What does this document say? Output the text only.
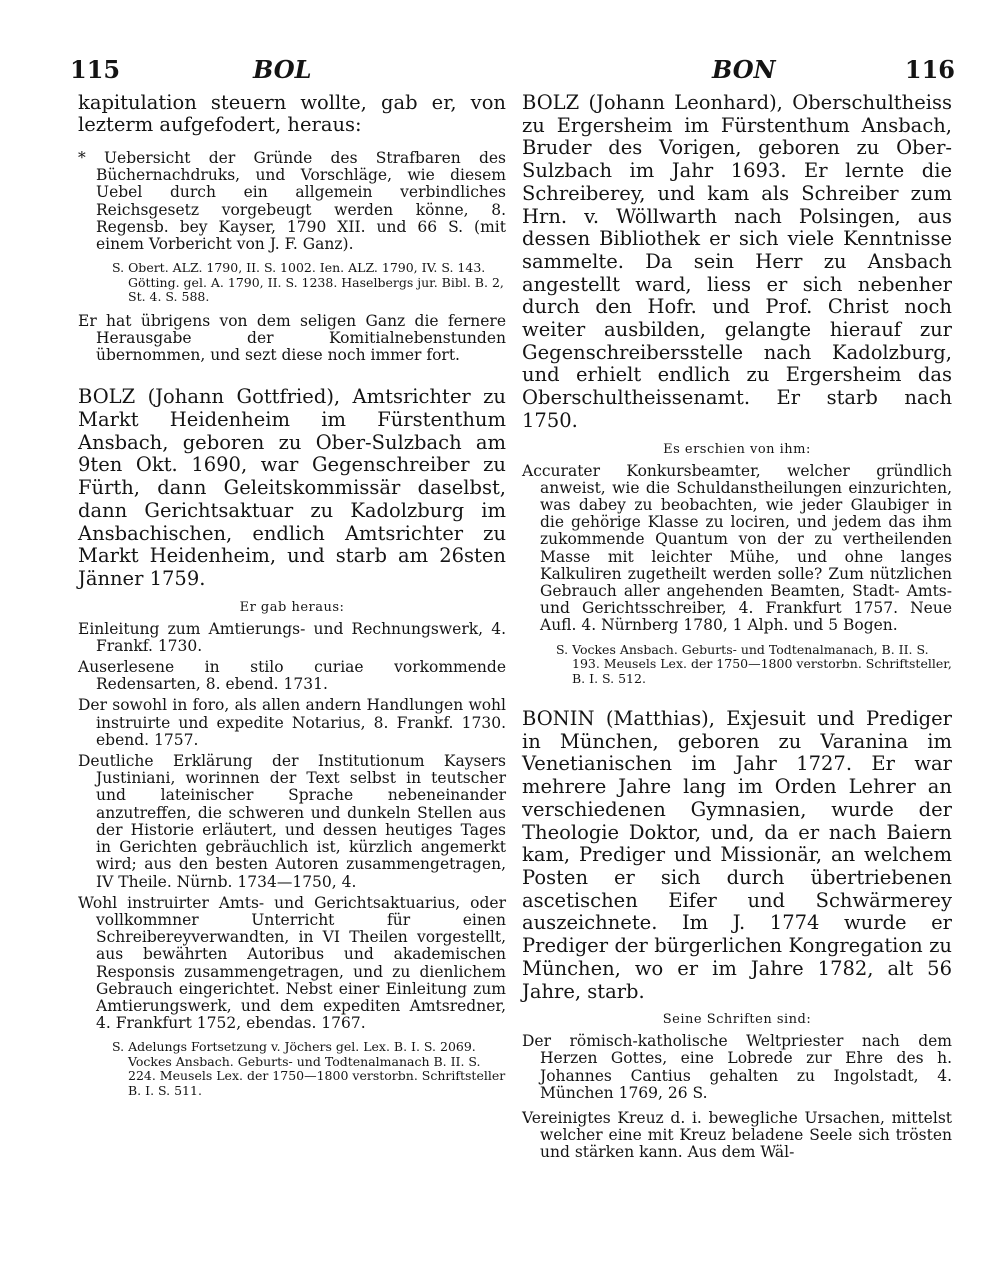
115	BOL	BON	116

kapitulation steuern wollte, gab er, von lezterm aufgefodert, heraus:

* Uebersicht der Gründe des Strafbaren des Büchernachdruks, und Vorschläge, wie diesem Uebel durch ein allgemein verbindliches Reichsgesetz vorgebeugt werden könne, 8. Regensb. bey Kayser, 1790 XII. und 66 S. (mit einem Vorbericht von J. F. Ganz).

S. Obert. ALZ. 1790, II. S. 1002. Ien. ALZ. 1790, IV. S. 143. Götting. gel. A. 1790, II. S. 1238. Haselbergs jur. Bibl. B. 2, St. 4. S. 588.

Er hat übrigens von dem seligen Ganz die fernere Herausgabe der Komitialnebenstunden übernommen, und sezt diese noch immer fort.

BOLZ (Johann Gottfried), Amtsrichter zu Markt Heidenheim im Fürstenthum Ansbach, geboren zu Ober-Sulzbach am 9ten Okt. 1690, war Gegenschreiber zu Fürth, dann Geleitskommissär daselbst, dann Gerichtsaktuar zu Kadolzburg im Ansbachischen, endlich Amtsrichter zu Markt Heidenheim, und starb am 26sten Jänner 1759.

Er gab heraus:

Einleitung zum Amtierungs- und Rechnungswerk, 4. Frankf. 1730.

Auserlesene in stilo curiae vorkommende Redensarten, 8. ebend. 1731.

Der sowohl in foro, als allen andern Handlungen wohl instruirte und expedite Notarius, 8. Frankf. 1730. ebend. 1757.

Deutliche Erklärung der Institutionum Kaysers Justiniani, worinnen der Text selbst in teutscher und lateinischer Sprache nebeneinander anzutreffen, die schweren und dunkeln Stellen aus der Historie erläutert, und dessen heutiges Tages in Gerichten gebräuchlich ist, kürzlich angemerkt wird; aus den besten Autoren zusammengetragen, IV Theile. Nürnb. 1734—1750, 4.

Wohl instruirter Amts- und Gerichtsaktuarius, oder vollkommner Unterricht für einen Schreibereyverwandten, in VI Theilen vorgestellt, aus bewährten Autoribus und akademischen Responsis zusammengetragen, und zu dienlichem Gebrauch eingerichtet. Nebst einer Einleitung zum Amtierungswerk, und dem expediten Amtsredner, 4. Frankfurt 1752, ebendas. 1767.

S. Adelungs Fortsetzung v. Jöchers gel. Lex. B. I. S. 2069. Vockes Ansbach. Geburts- und Todtenalmanach B. II. S. 224. Meusels Lex. der 1750—1800 verstorbn. Schriftsteller B. I. S. 511.

BOLZ (Johann Leonhard), Oberschultheiss zu Ergersheim im Fürstenthum Ansbach, Bruder des Vorigen, geboren zu Ober-Sulzbach im Jahr 1693. Er lernte die Schreiberey, und kam als Schreiber zum Hrn. v. Wöllwarth nach Polsingen, aus dessen Bibliothek er sich viele Kenntnisse sammelte. Da sein Herr zu Ansbach angestellt ward, liess er sich nebenher durch den Hofr. und Prof. Christ noch weiter ausbilden, gelangte hierauf zur Gegenschreibersstelle nach Kadolzburg, und erhielt endlich zu Ergersheim das Oberschultheissenamt. Er starb nach 1750.

Es erschien von ihm:

Accurater Konkursbeamter, welcher gründlich anweist, wie die Schuldanstheilungen einzurichten, was dabey zu beobachten, wie jeder Glaubiger in die gehörige Klasse zu lociren, und jedem das ihm zukommende Quantum von der zu vertheilenden Masse mit leichter Mühe, und ohne langes Kalkuliren zugetheilt werden solle? Zum nützlichen Gebrauch aller angehenden Beamten, Stadt- Amts- und Gerichtsschreiber, 4. Frankfurt 1757. Neue Aufl. 4. Nürnberg 1780, 1 Alph. und 5 Bogen.

S. Vockes Ansbach. Geburts- und Todtenalmanach, B. II. S. 193. Meusels Lex. der 1750—1800 verstorbn. Schriftsteller, B. I. S. 512.

BONIN (Matthias), Exjesuit und Prediger in München, geboren zu Varanina im Venetianischen im Jahr 1727. Er war mehrere Jahre lang im Orden Lehrer an verschiedenen Gymnasien, wurde der Theologie Doktor, und, da er nach Baiern kam, Prediger und Missionär, an welchem Posten er sich durch übertriebenen ascetischen Eifer und Schwärmerey auszeichnete. Im J. 1774 wurde er Prediger der bürgerlichen Kongregation zu München, wo er im Jahre 1782, alt 56 Jahre, starb.

Seine Schriften sind:

Der römisch-katholische Weltpriester nach dem Herzen Gottes, eine Lobrede zur Ehre des h. Johannes Cantius gehalten zu Ingolstadt, 4. München 1769, 26 S.

Vereinigtes Kreuz d. i. bewegliche Ursachen, mittelst welcher eine mit Kreuz beladene Seele sich trösten und stärken kann. Aus dem Wäl-
